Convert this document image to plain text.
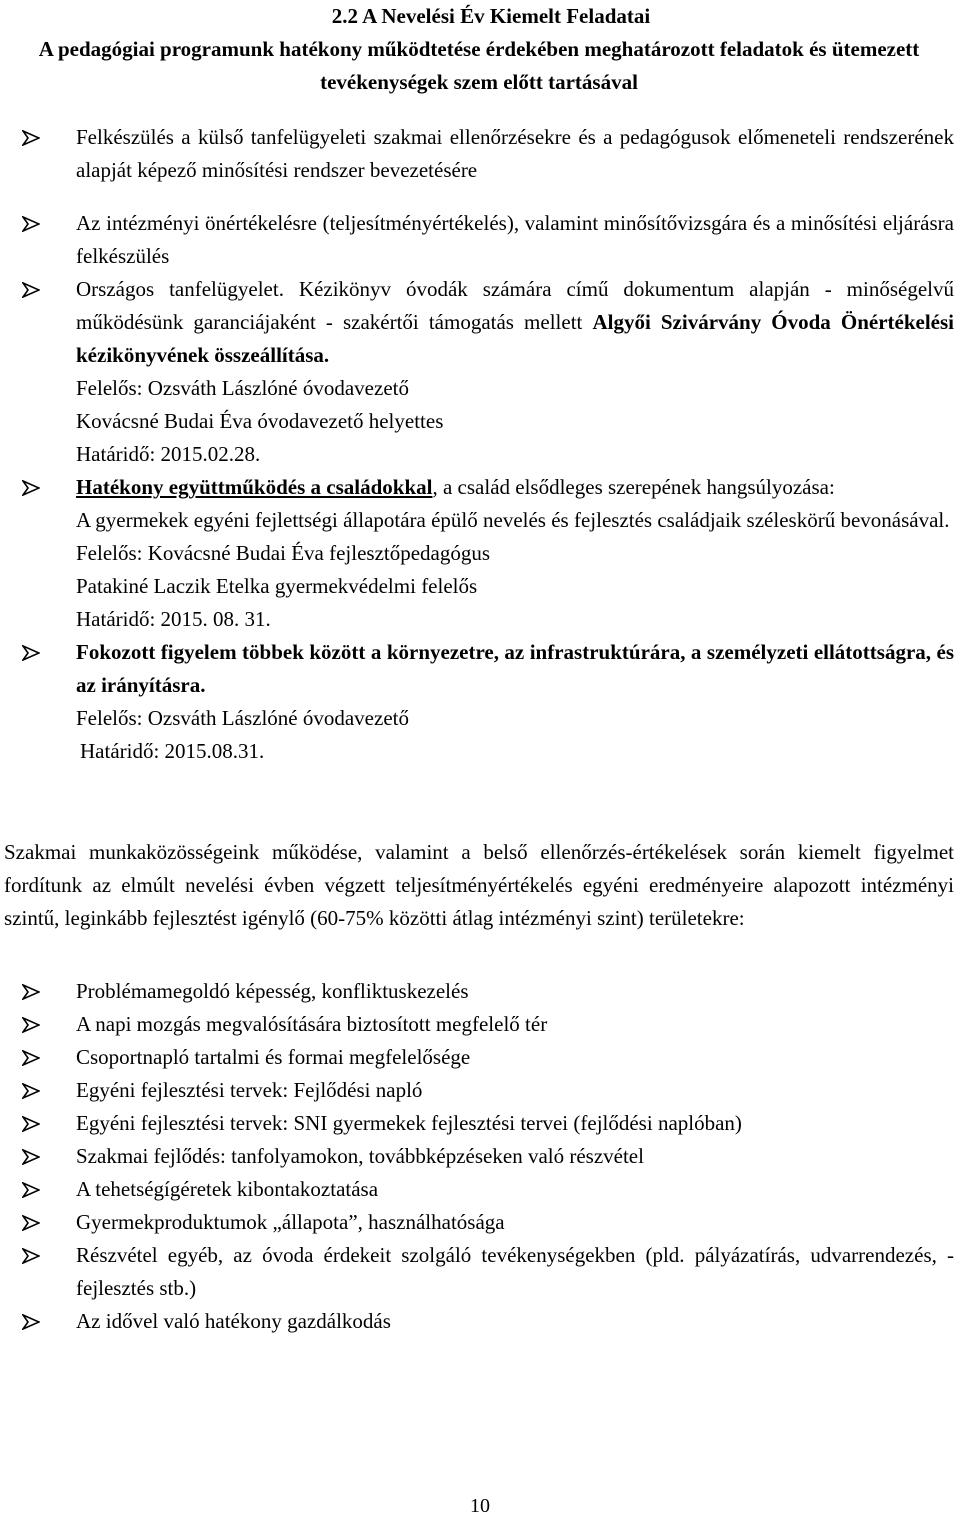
2.2 A Nevelési Év Kiemelt Feladatai

A pedagógiai programunk hatékony működtetése érdekében meghatározott feladatok és ütemezett tevékenységek szem előtt tartásával

Felkészülés a külső tanfelügyeleti szakmai ellenőrzésekre és a pedagógusok előmeneteli rendszerének alapját képező minősítési rendszer bevezetésére
Az intézményi önértékelésre (teljesítményértékelés), valamint minősítővizsgára és a minősítési eljárásra felkészülés
Országos tanfelügyelet. Kézikönyv óvodák számára című dokumentum alapján - minőségelvű működésünk garanciájaként - szakértői támogatás mellett Algyői Szivárvány Óvoda Önértékelési kézikönyvének összeállítása.
Felelős: Ozsváth Lászlóné óvodavezető
Kovácsné Budai Éva óvodavezető helyettes
Határidő: 2015.02.28.
Hatékony együttműködés a családokkal, a család elsődleges szerepének hangsúlyozása:
A gyermekek egyéni fejlettségi állapotára épülő nevelés és fejlesztés családjaik széleskörű bevonásával.
Felelős: Kovácsné Budai Éva fejlesztőpedagógus
Patakiné Laczik Etelka gyermekvédelmi felelős
Határidő: 2015. 08. 31.
Fokozott figyelem többek között a környezetre, az infrastruktúrára, a személyzeti ellátottságra, és az irányításra.
Felelős: Ozsváth Lászlóné óvodavezető
Határidő: 2015.08.31.

Szakmai munkaközösségeink működése, valamint a belső ellenőrzés-értékelések során kiemelt figyelmet fordítunk az elmúlt nevelési évben végzett teljesítményértékelés egyéni eredményeire alapozott intézményi szintű, leginkább fejlesztést igénylő (60-75% közötti átlag intézményi szint) területekre:

Problémamegoldó képesség, konfliktuskezelés
A napi mozgás megvalósítására biztosított megfelelő tér
Csoportnapló tartalmi és formai megfelelősége
Egyéni fejlesztési tervek: Fejlődési napló
Egyéni fejlesztési tervek: SNI gyermekek fejlesztési tervei (fejlődési naplóban)
Szakmai fejlődés: tanfolyamokon, továbbképzéseken való részvétel
A tehetségígéretek kibontakoztatása
Gyermekproduktumok „állapota”, használhatósága
Részvétel egyéb, az óvoda érdekeit szolgáló tevékenységekben (pld. pályázatírás, udvarrendezés, - fejlesztés stb.)
Az idővel való hatékony gazdálkodás
10
